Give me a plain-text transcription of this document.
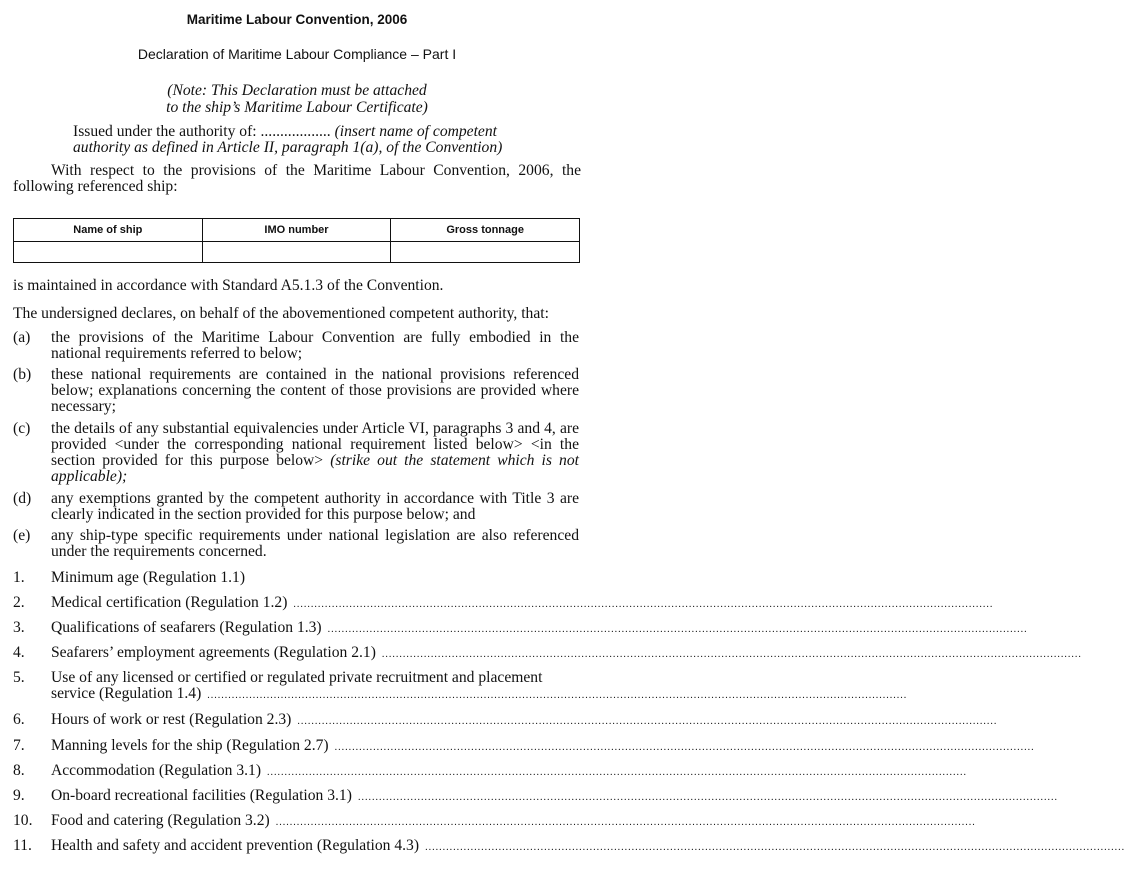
Maritime Labour Convention, 2006
Declaration of Maritime Labour Compliance – Part I
(Note: This Declaration must be attached
to the ship’s Maritime Labour Certificate)
Issued under the authority of: .................. (insert name of competent
authority as defined in Article II, paragraph 1(a), of the Convention)
With respect to the provisions of the Maritime Labour Convention, 2006, the following referenced ship:
Name of ship	IMO number	Gross tonnage

is maintained in accordance with Standard A5.1.3 of the Convention.
The undersigned declares, on behalf of the abovementioned competent authority, that:
(a) the provisions of the Maritime Labour Convention are fully embodied in the national requirements referred to below;
(b) these national requirements are contained in the national provisions referenced below; explanations concerning the content of those provisions are provided where necessary;
(c) the details of any substantial equivalencies under Article VI, paragraphs 3 and 4, are provided <under the corresponding national requirement listed below> <in the section provided for this purpose below> (strike out the statement which is not applicable);
(d) any exemptions granted by the competent authority in accordance with Title 3 are clearly indicated in the section provided for this purpose below; and
(e) any ship-type specific requirements under national legislation are also referenced under the requirements concerned.
1.	Minimum age (Regulation 1.1)
2.	Medical certification (Regulation 1.2) ........................................................................................................................................................................................................
3.	Qualifications of seafarers (Regulation 1.3) ........................................................................................................................................................................................................
4.	Seafarers’ employment agreements (Regulation 2.1) ........................................................................................................................................................................................................
5.	Use of any licensed or certified or regulated private recruitment and placement
service (Regulation 1.4) ........................................................................................................................................................................................................
6.	Hours of work or rest (Regulation 2.3) ........................................................................................................................................................................................................
7.	Manning levels for the ship (Regulation 2.7) ........................................................................................................................................................................................................
8.	Accommodation (Regulation 3.1) ........................................................................................................................................................................................................
9.	On-board recreational facilities (Regulation 3.1) ........................................................................................................................................................................................................
10.	Food and catering (Regulation 3.2) ........................................................................................................................................................................................................
11.	Health and safety and accident prevention (Regulation 4.3) ........................................................................................................................................................................................................
